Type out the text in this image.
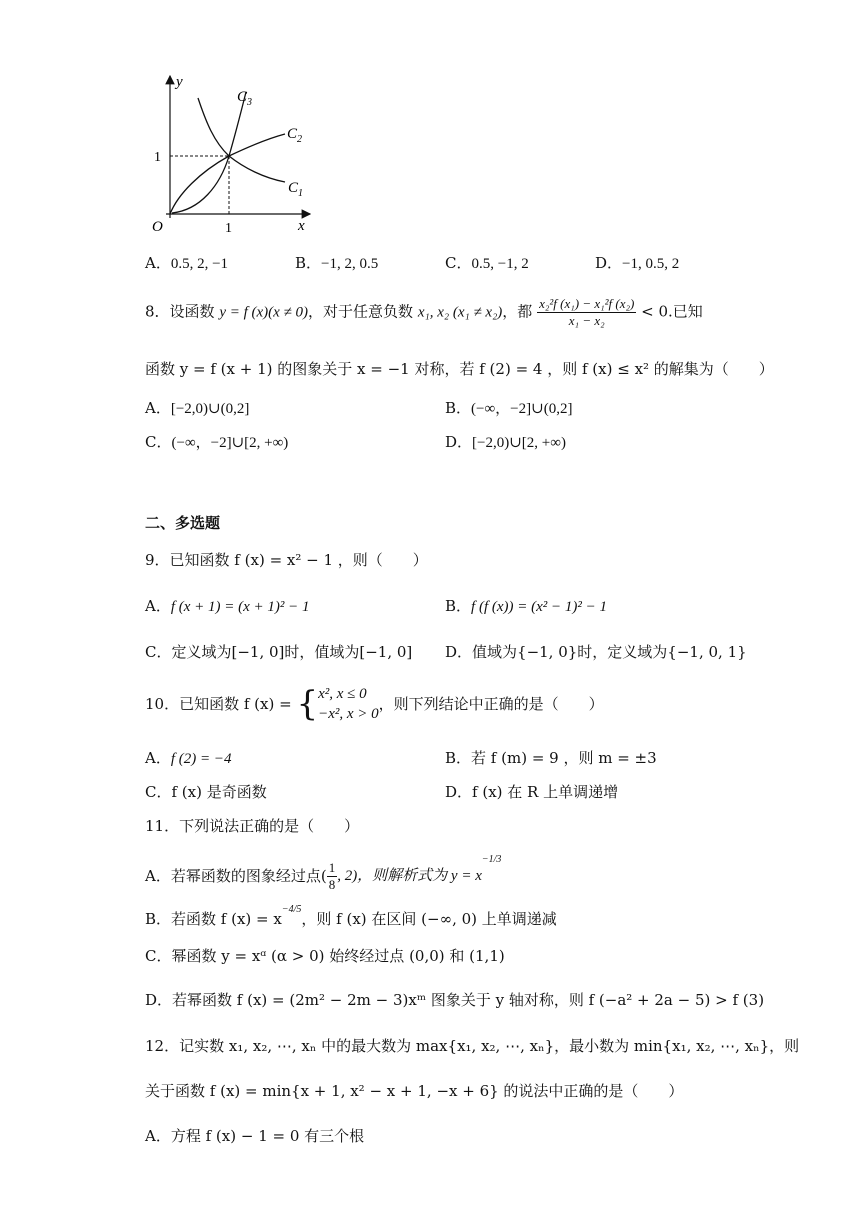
y
x
O	1
1
$C_3$
$C_2$
$C_1$
A．0.5, 2, −1	B．−1, 2, 0.5	C．0.5, −1, 2	D．−1, 0.5, 2
8．设函数 y = f (x)(x ≠ 0)，对于任意负数 x₁, x₂ (x₁ ≠ x₂)，都 $\frac{\text{x₂²f (x₁) − x₁²f (x₂)}}{\text{x₁ − x₂}} < 0$.已知
函数 y = f (x + 1) 的图象关于 x = −1 对称，若 f (2) = 4 ，则 f (x) ≤ x² 的解集为（　　）
A．[−2,0)∪(0,2]	B．(−∞，−2]∪(0,2]
C．(−∞，−2]∪[2, +∞)	D．[−2,0)∪[2, +∞)
二、多选题
9．已知函数 f (x) = x² − 1 ，则（　　）
A．f (x + 1) = (x + 1)² − 1	B．f (f (x)) = (x² − 1)² − 1
C．定义域为[−1, 0]时，值域为[−1, 0] D．值域为{−1, 0}时，定义域为{−1, 0, 1}
10．已知函数 f (x) = { x², x ≤ 0
−x², x > 0
，则下列结论中正确的是（　　）
A．f (2) = −4	B．若 f (m) = 9 ，则 m = ±3
C．f (x) 是奇函数	D．f (x) 在 R 上单调递增
11．下列说法正确的是（　　）
A．若幂函数的图象经过点( $\frac{1}{8}$ , 2)，则解析式为 $y = x^{-1/3}$
B．若函数 f $(x) = x^{-4/5}$，则 f (x) 在区间 (−∞, 0) 上单调递减
C．幂函数 y = xᵅ (α > 0) 始终经过点 (0,0) 和 (1,1)
D．若幂函数 f (x) = (2m² − 2m − 3)xᵐ 图象关于 y 轴对称，则 f (−a² + 2a − 5) > f (3)
12．记实数 x₁, x₂, ⋯, xₙ 中的最大数为 max{x₁, x₂, ⋯, xₙ}，最小数为 min{x₁, x₂, ⋯, xₙ}，则
关于函数 f (x) = min{x + 1, x² − x + 1, −x + 6} 的说法中正确的是（　　）
A．方程 f (x) − 1 = 0 有三个根
